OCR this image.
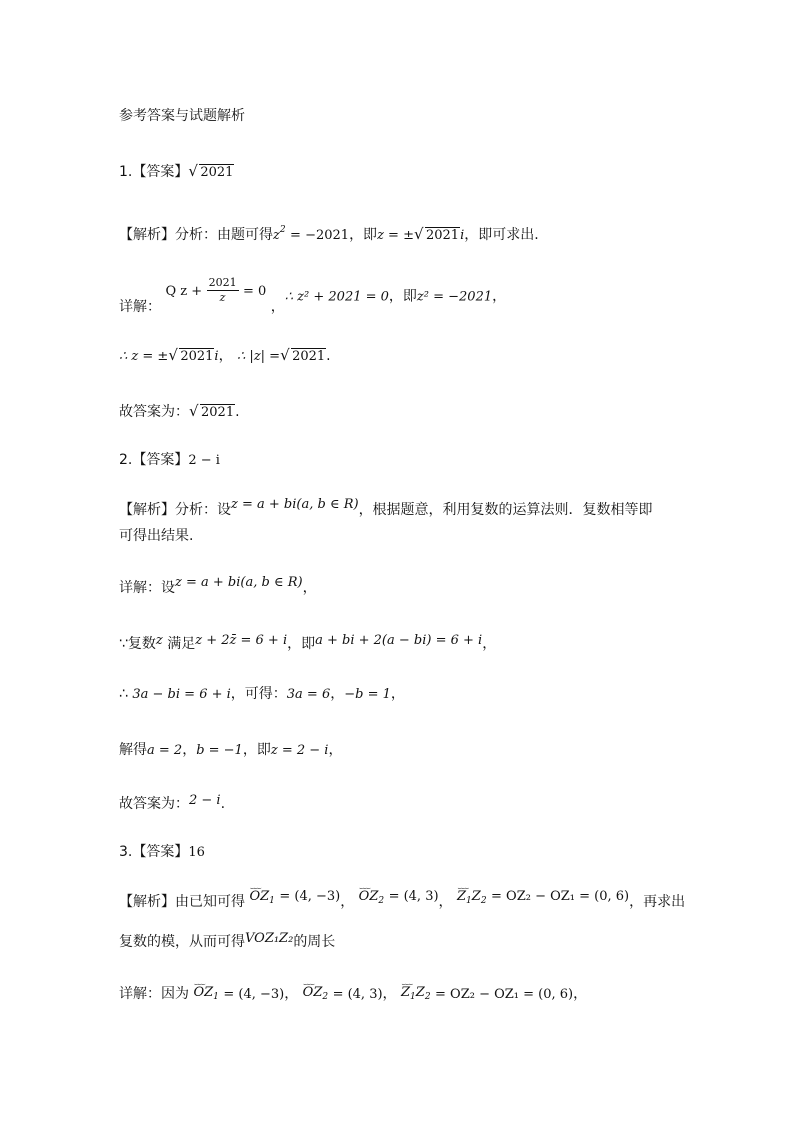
参考答案与试题解析
1.【答案】 √ 2021
【解析】分析：由题可得$z^2 = -2021$，即z = ± √ 2021i，即可求出.
详解： Q $z + \frac{2021}{z} = 0$ ，∴ z² + 2021 = 0，即z² = −2021，
∴ z = ± √ 2021i， ∴ |z| = √ 2021.
故答案为： √ 2021.
2.【答案】2 − i
【解析】分析：设z = a + bi(a, b ∈ R)，根据题意，利用复数的运算法则．复数相等即
可得出结果.
详解：设z = a + bi(a, b ∈ R)，
∵复数z 满足z + 2z̄ = 6 + i，即a + bi + 2(a − bi) = 6 + i，
∴ 3a − bi = 6 + i，可得：3a = 6，−b = 1，
解得a = 2，b = −1，即z = 2 − i，
故答案为：2 − i.
3.【答案】16
【解析】由已知可得 ⌣⌣⌣ $OZ_1 = (4$, −3)， ⌣⌣⌣ $OZ_2 = (4$, 3)， ⌣⌣⌣ $Z_1Z_2 = OZ_2 - OZ_1 = (0$, 6)，再求出
复数的模，从而可得VOZ₁Z₂的周长
详解：因为 ⌣⌣⌣ $OZ_1 = (4$, −3)， ⌣⌣⌣ $OZ_2 = (4$, 3)， ⌣⌣⌣ $Z_1Z_2 = OZ_2 - OZ_1 = (0$, 6)，
